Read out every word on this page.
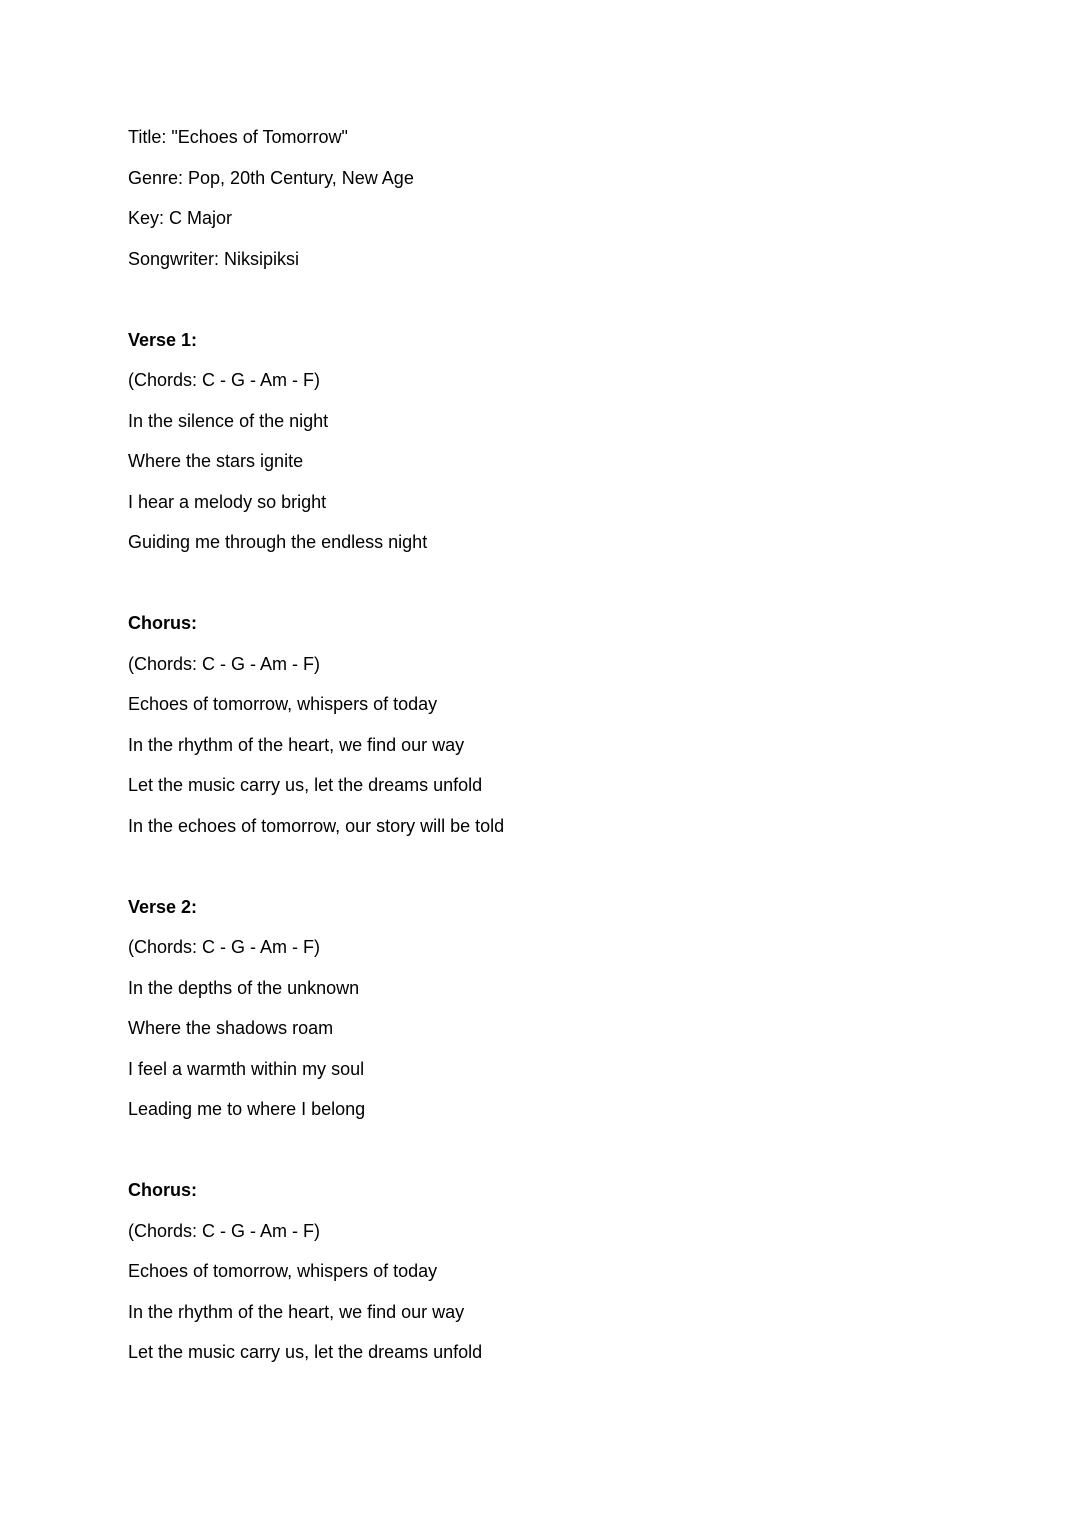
Title: "Echoes of Tomorrow"
Genre: Pop, 20th Century, New Age
Key: C Major
Songwriter: Niksipiksi
Verse 1:
(Chords: C - G - Am - F)
In the silence of the night
Where the stars ignite
I hear a melody so bright
Guiding me through the endless night
Chorus:
(Chords: C - G - Am - F)
Echoes of tomorrow, whispers of today
In the rhythm of the heart, we find our way
Let the music carry us, let the dreams unfold
In the echoes of tomorrow, our story will be told
Verse 2:
(Chords: C - G - Am - F)
In the depths of the unknown
Where the shadows roam
I feel a warmth within my soul
Leading me to where I belong
Chorus:
(Chords: C - G - Am - F)
Echoes of tomorrow, whispers of today
In the rhythm of the heart, we find our way
Let the music carry us, let the dreams unfold
